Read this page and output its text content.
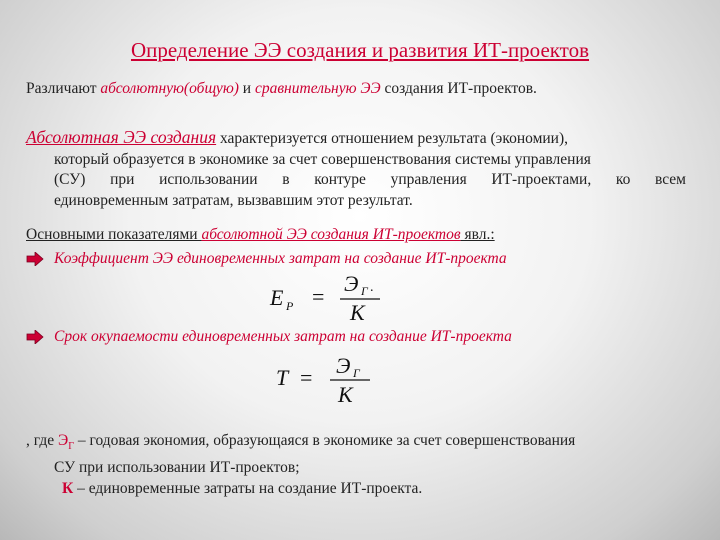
Определение ЭЭ создания и развития ИТ-проектов
Различают абсолютную(общую) и сравнительную ЭЭ создания ИТ-проектов.
Абсолютная ЭЭ создания характеризуется отношением результата (экономии),
который образуется в экономике за счет совершенствования системы управления
(СУ) при использовании в контуре управления ИТ-проектами, ко всем
единовременным затратам, вызвавшим этот результат.
Основными показателями абсолютной ЭЭ создания ИТ-проектов явл.:
Коэффициент ЭЭ единовременных затрат на создание ИТ-проекта
E P =
Э Г .
К
Срок окупаемости единовременных затрат на создание ИТ-проекта
T = Э Г
К
, где $Э_Г$ – годовая экономия, образующаяся в экономике за счет совершенствования
СУ при использовании ИТ-проектов;
К – единовременные затраты на создание ИТ-проекта.
